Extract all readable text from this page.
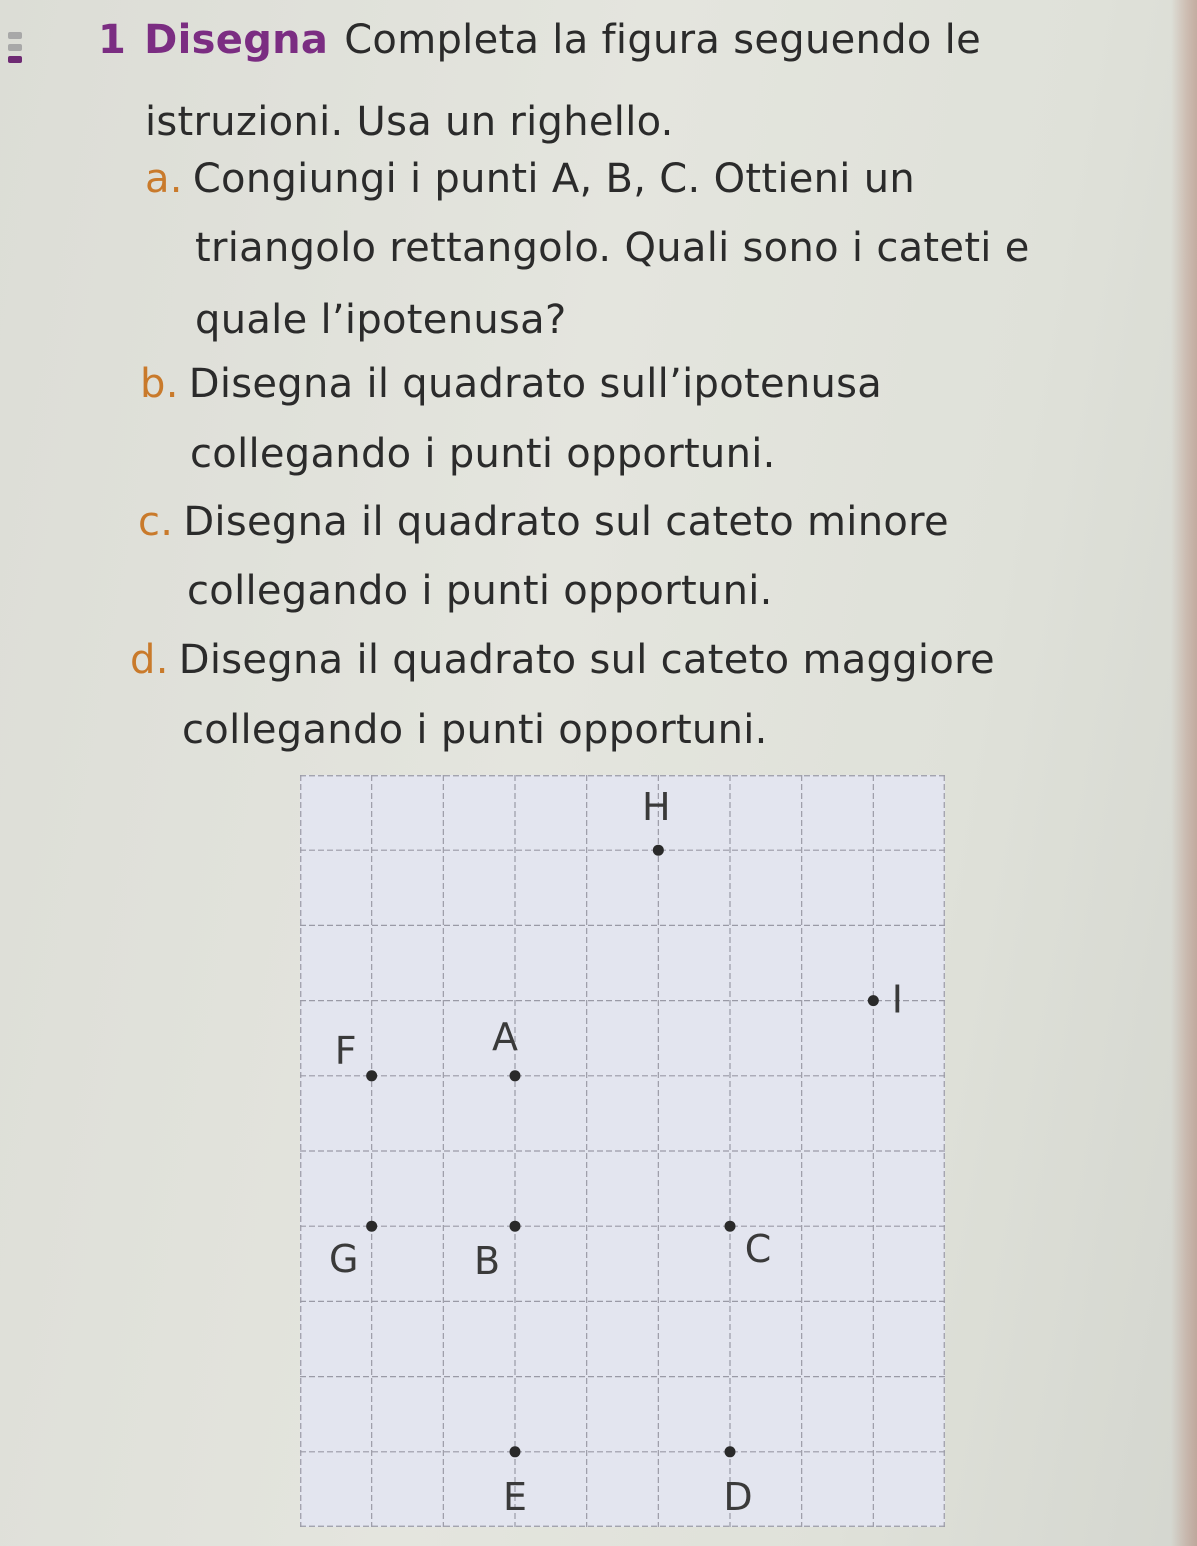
1 Disegna Completa la figura seguendo le
istruzioni. Usa un righello.
a. Congiungi i punti A, B, C. Ottieni un
triangolo rettangolo. Quali sono i cateti e
quale l’ipotenusa?
b. Disegna il quadrato sull’ipotenusa
collegando i punti opportuni.
c. Disegna il quadrato sul cateto minore
collegando i punti opportuni.
d. Disegna il quadrato sul cateto maggiore
collegando i punti opportuni.
H
I
F	A
G	B	C
E	D
